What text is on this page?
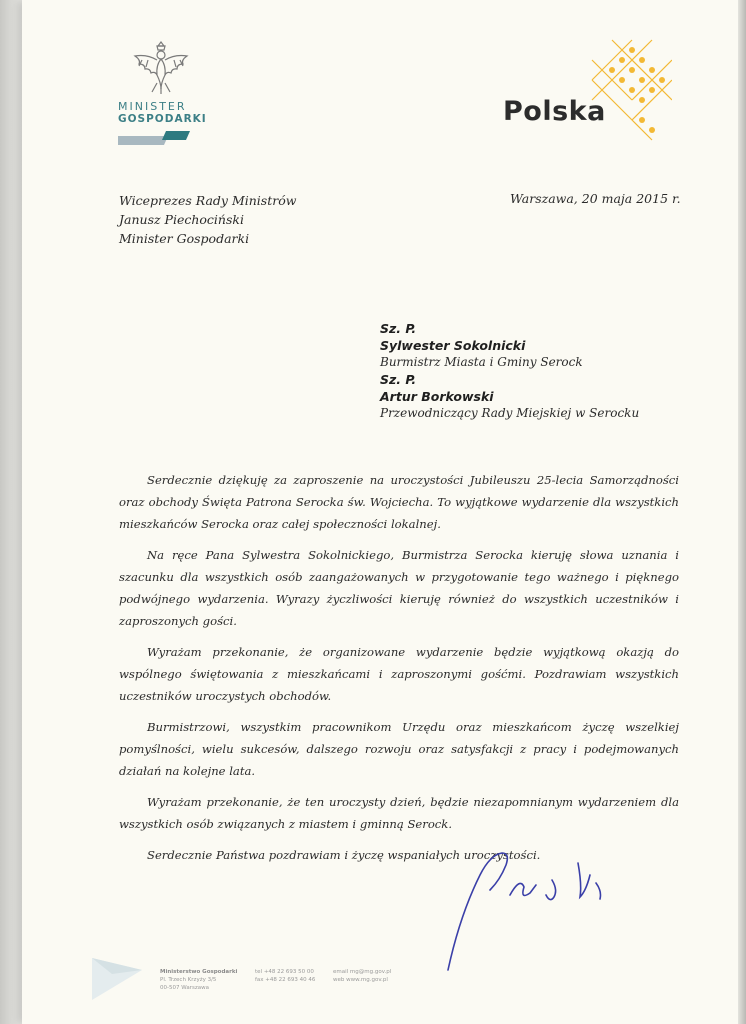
MINISTER
GOSPODARKI	Polska
Wiceprezes Rady Ministrów
Janusz Piechociński
Minister Gospodarki
Warszawa, 20 maja 2015 r.
Sz. P.
Sylwester Sokolnicki
Burmistrz Miasta i Gminy Serock
Sz. P.
Artur Borkowski
Przewodniczący Rady Miejskiej w Serocku

Serdecznie dziękuję za zaproszenie na uroczystości Jubileuszu 25-lecia Samorządności oraz obchody Święta Patrona Serocka św. Wojciecha. To wyjątkowe wydarzenie dla wszystkich mieszkańców Serocka oraz całej społeczności lokalnej.

Na ręce Pana Sylwestra Sokolnickiego, Burmistrza Serocka kieruję słowa uznania i szacunku dla wszystkich osób zaangażowanych w przygotowanie tego ważnego i pięknego podwójnego wydarzenia. Wyrazy życzliwości kieruję również do wszystkich uczestników i zaproszonych gości.

Wyrażam przekonanie, że organizowane wydarzenie będzie wyjątkową okazją do wspólnego świętowania z mieszkańcami i zaproszonymi gośćmi. Pozdrawiam wszystkich uczestników uroczystych obchodów.

Burmistrzowi, wszystkim pracownikom Urzędu oraz mieszkańcom życzę wszelkiej pomyślności, wielu sukcesów, dalszego rozwoju oraz satysfakcji z pracy i podejmowanych działań na kolejne lata.

Wyrażam przekonanie, że ten uroczysty dzień, będzie niezapomnianym wydarzeniem dla wszystkich osób związanych z miastem i gminną Serock.

Serdecznie Państwa pozdrawiam i życzę wspaniałych uroczystości.

Ministerstwo Gospodarki
Pl. Trzech Krzyży 3/5
00-507 Warszawa
tel +48 22 693 50 00
fax +48 22 693 40 46
email mg@mg.gov.pl
web www.mg.gov.pl
